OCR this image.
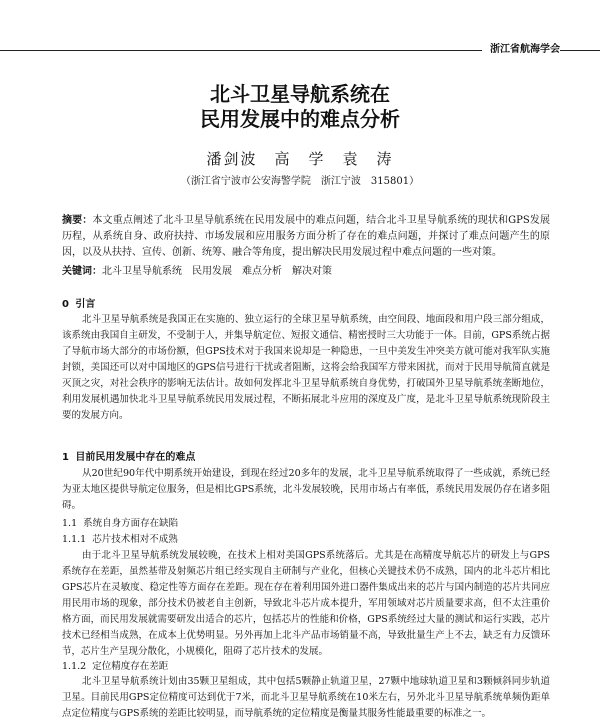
浙江省航海学会
北斗卫星导航系统在
民用发展中的难点分析
潘剑波　高　学　袁　涛
（浙江省宁波市公安海警学院　浙江宁波　315801）
摘要：本文重点阐述了北斗卫星导航系统在民用发展中的难点问题，结合北斗卫星导航系统的现状和GPS发展历程，从系统自身、政府扶持、市场发展和应用服务方面分析了存在的难点问题，并探讨了难点问题产生的原因，以及从扶持、宣传、创新、统筹、融合等角度，提出解决民用发展过程中难点问题的一些对策。
关键词：北斗卫星导航系统　民用发展　难点分析　解决对策
0 引言
北斗卫星导航系统是我国正在实施的、独立运行的全球卫星导航系统，由空间段、地面段和用户段三部分组成，该系统由我国自主研发，不受制于人，并集导航定位、短报文通信、精密授时三大功能于一体。目前，GPS系统占据了导航市场大部分的市场份额，但GPS技术对于我国来说却是一种隐患，一旦中美发生冲突美方就可能对我军队实施封锁，美国还可以对中国地区的GPS信号进行干扰或者阻断，这将会给我国军方带来困扰，而对于民用导航简直就是灭顶之灾，对社会秩序的影响无法估计。故如何发挥北斗卫星导航系统自身优势，打破国外卫星导航系统垄断地位，利用发展机遇加快北斗卫星导航系统民用发展过程，不断拓展北斗应用的深度及广度，是北斗卫星导航系统现阶段主要的发展方向。
1 目前民用发展中存在的难点
从20世纪90年代中期系统开始建设，到现在经过20多年的发展，北斗卫星导航系统取得了一些成就，系统已经为亚太地区提供导航定位服务，但是相比GPS系统，北斗发展较晚，民用市场占有率低，系统民用发展仍存在诸多阻碍。
1.1 系统自身方面存在缺陷
1.1.1 芯片技术相对不成熟
由于北斗卫星导航系统发展较晚，在技术上相对美国GPS系统落后。尤其是在高精度导航芯片的研发上与GPS系统存在差距，虽然基带及射频芯片组已经实现自主研制与产业化，但核心关键技术仍不成熟，国内的北斗芯片相比GPS芯片在灵敏度、稳定性等方面存在差距。现在存在着利用国外进口器件集成出来的芯片与国内制造的芯片共同应用民用市场的现象，部分技术仍被老自主创新，导致北斗芯片成本提升，军用领域对芯片质量要求高，但不太注重价格方面，而民用发展就需要研发出适合的芯片，包括芯片的性能和价格，GPS系统经过大量的测试和运行实践，芯片技术已经相当成熟，在成本上优势明显。另外再加上北斗产品市场销量不高，导致批量生产上不去，缺乏有力反馈环节，芯片生产呈现分散化，小规模化，阻碍了芯片技术的发展。
1.1.2 定位精度存在差距
北斗卫星导航系统计划由35颗卫星组成，其中包括5颗静止轨道卫星，27颗中地球轨道卫星和3颗倾斜同步轨道卫星。目前民用GPS定位精度可达到优于7米，而北斗卫星导航系统在10米左右，另外北斗卫星导航系统单频伪距单点定位精度与GPS系统的差距比较明显，而导航系统的定位精度是衡量其服务性能最重要的标准之一。
